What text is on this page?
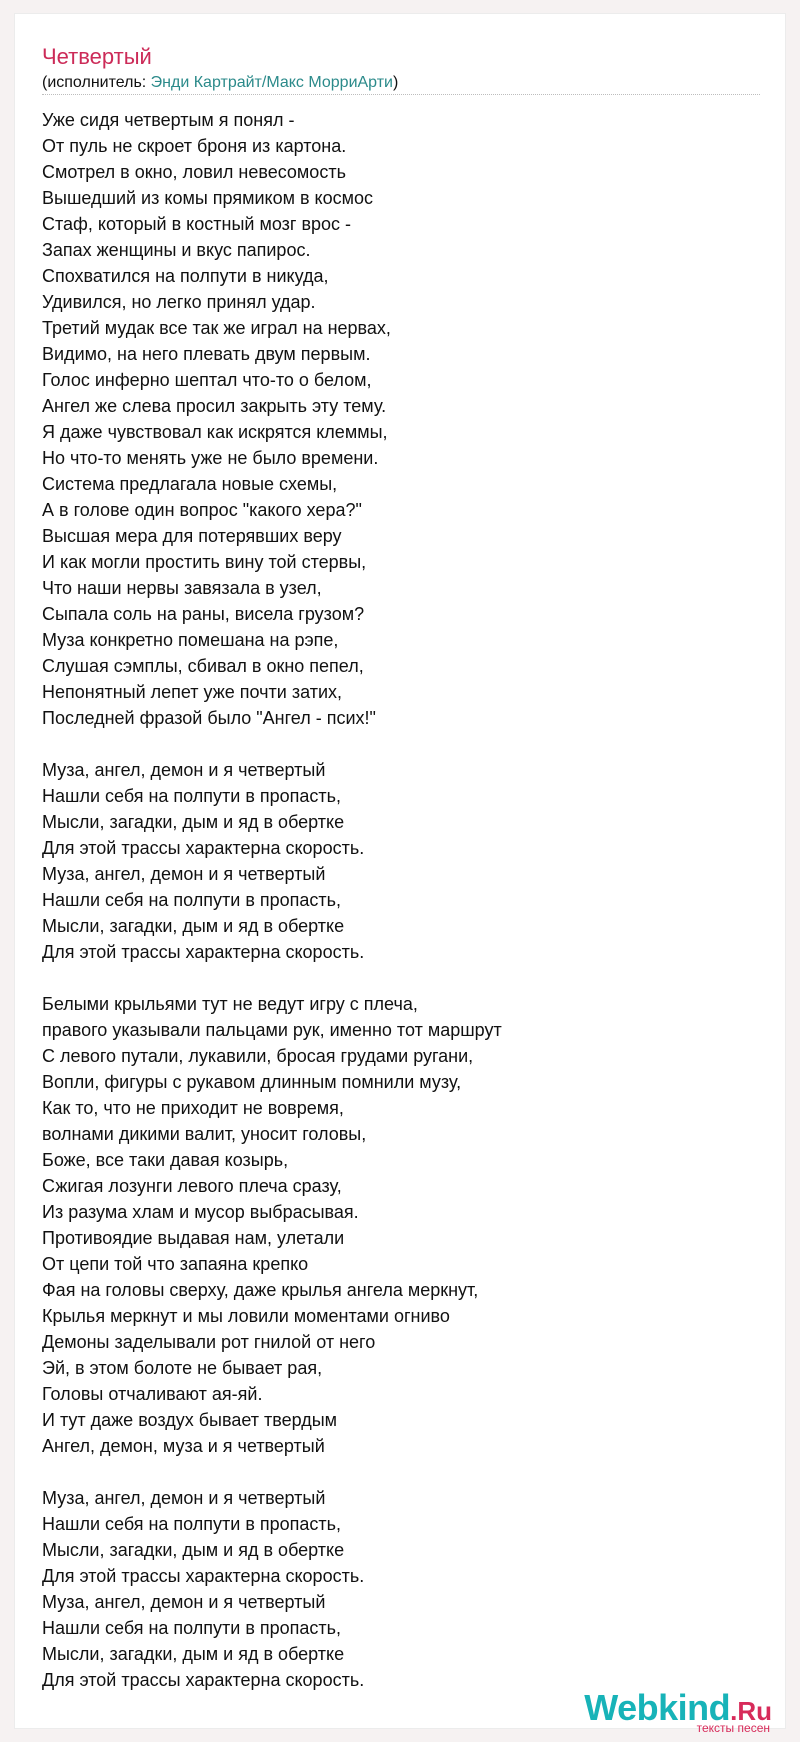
Четвертый
(исполнитель: Энди Картрайт/Макс МорриАрти)
Уже сидя четвертым я понял -
От пуль не скроет броня из картона.
Смотрел в окно, ловил невесомость
Вышедший из комы прямиком в космос
Стаф, который в костный мозг врос -
Запах женщины и вкус папирос.
Спохватился на полпути в никуда,
Удивился, но легко принял удар.
Третий мудак все так же играл на нервах,
Видимо, на него плевать двум первым.
Голос инферно шептал что-то о белом,
Ангел же слева просил закрыть эту тему.
Я даже чувствовал как искрятся клеммы,
Но что-то менять уже не было времени.
Система предлагала новые схемы,
А в голове один вопрос "какого хера?"
Высшая мера для потерявших веру
И как могли простить вину той стервы,
Что наши нервы завязала в узел,
Сыпала соль на раны, висела грузом?
Муза конкретно помешана на рэпе,
Слушая сэмплы, сбивал в окно пепел,
Непонятный лепет уже почти затих,
Последней фразой было "Ангел - псих!"
Муза, ангел, демон и я четвертый
Нашли себя на полпути в пропасть,
Мысли, загадки, дым и яд в обертке
Для этой трассы характерна скорость.
Муза, ангел, демон и я четвертый
Нашли себя на полпути в пропасть,
Мысли, загадки, дым и яд в обертке
Для этой трассы характерна скорость.
Белыми крыльями тут не ведут игру с плеча,
правого указывали пальцами рук, именно тот маршрут
С левого путали, лукавили, бросая грудами ругани,
Вопли, фигуры с рукавом длинным помнили музу,
Как то, что не приходит не вовремя,
волнами дикими валит, уносит головы,
Боже, все таки давая козырь,
Сжигая лозунги левого плеча сразу,
Из разума хлам и мусор выбрасывая.
Противоядие выдавая нам, улетали
От цепи той что запаяна крепко
Фая на головы сверху, даже крылья ангела меркнут,
Крылья меркнут и мы ловили моментами огниво
Демоны заделывали рот гнилой от него
Эй, в этом болоте не бывает рая,
Головы отчаливают ая-яй.
И тут даже воздух бывает твердым
Ангел, демон, муза и я четвертый
Муза, ангел, демон и я четвертый
Нашли себя на полпути в пропасть,
Мысли, загадки, дым и яд в обертке
Для этой трассы характерна скорость.
Муза, ангел, демон и я четвертый
Нашли себя на полпути в пропасть,
Мысли, загадки, дым и яд в обертке
Для этой трассы характерна скорость.
Webkind.Ru
тексты песен
